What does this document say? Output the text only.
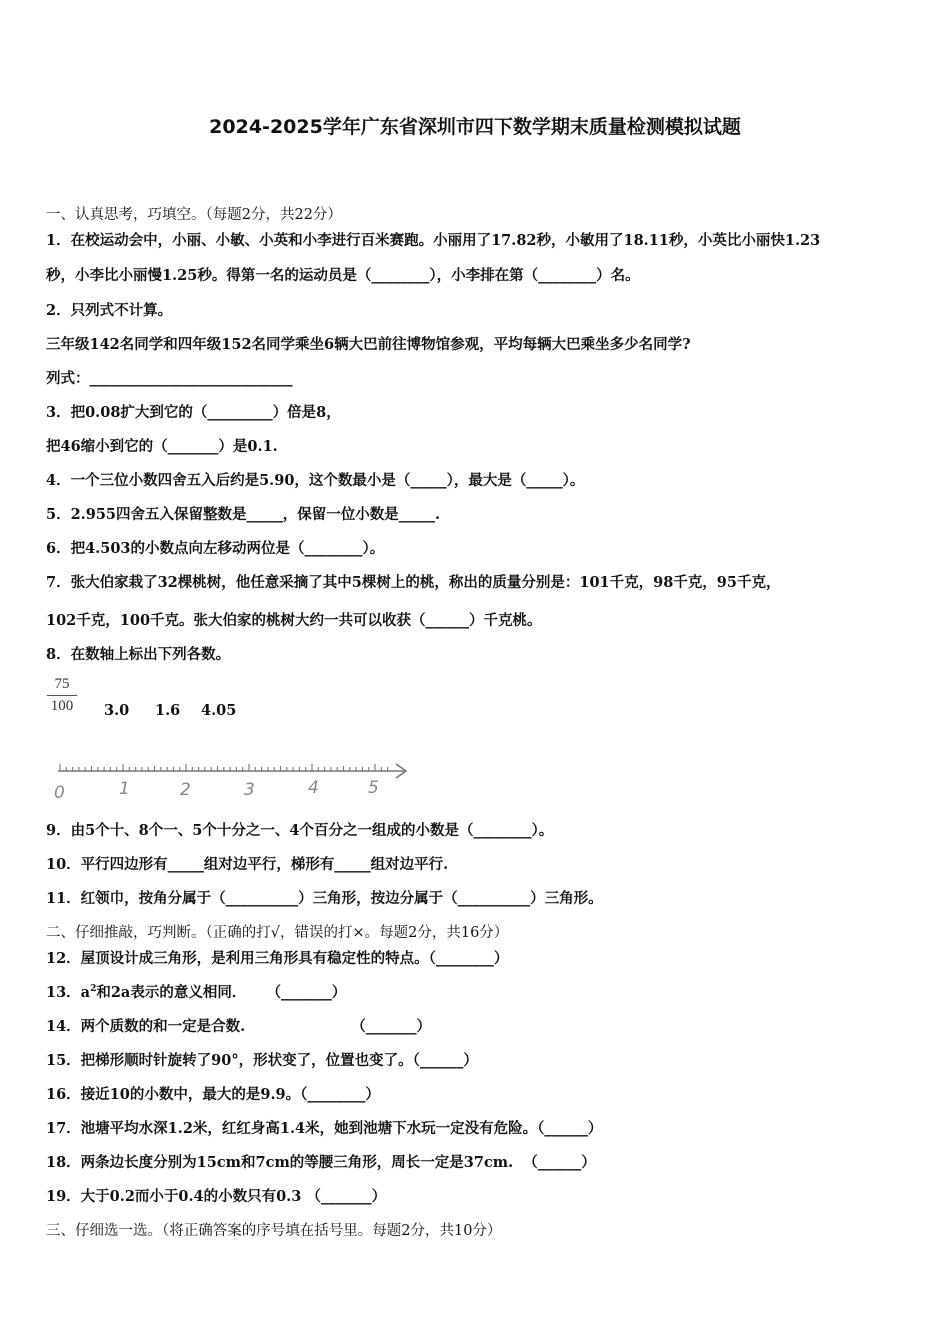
2024-2025学年广东省深圳市四下数学期末质量检测模拟试题
一、认真思考，巧填空。（每题2分，共22分）
1．在校运动会中，小丽、小敏、小英和小李进行百米赛跑。小丽用了17.82秒，小敏用了18.11秒，小英比小丽快1.23
秒，小李比小丽慢1.25秒。得第一名的运动员是（________），小李排在第（________）名。
2．只列式不计算。
三年级142名同学和四年级152名同学乘坐6辆大巴前往博物馆参观，平均每辆大巴乘坐多少名同学?
列式：____________________________
3．把0.08扩大到它的（_________）倍是8，
把46缩小到它的（_______）是0.1.
4．一个三位小数四舍五入后约是5.90，这个数最小是（_____），最大是（_____）。
5．2.955四舍五入保留整数是_____，保留一位小数是_____.
6．把4.503的小数点向左移动两位是（________）。
7．张大伯家栽了32棵桃树，他任意采摘了其中5棵树上的桃，称出的质量分别是：101千克，98千克，95千克，
102千克，100千克。张大伯家的桃树大约一共可以收获（______）千克桃。
8．在数轴上标出下列各数。
75
100	3.0 1.6 4.05
0	1	2	3	4	5
9．由5个十、8个一、5个十分之一、4个百分之一组成的小数是（________）。
10．平行四边形有_____组对边平行，梯形有_____组对边平行.
11．红领巾，按角分属于（__________）三角形，按边分属于（__________）三角形。
二、仔细推敲，巧判断。（正确的打√，错误的打×。每题2分，共16分）
12．屋顶设计成三角形，是利用三角形具有稳定性的特点。（________）
13．$a^2$和2a表示的意义相同．    （_______）
14．两个质数的和一定是合数.                     （_______）
15．把梯形顺时针旋转了90°，形状变了，位置也变了。（______）
16．接近10的小数中，最大的是9.9。（________）
17．池塘平均水深1.2米，红红身高1.4米，她到池塘下水玩一定没有危险。（______）
18．两条边长度分别为15cm和7cm的等腰三角形，周长一定是37cm.  （______）
19．大于0.2而小于0.4的小数只有0.3 （_______）
三、仔细选一选。（将正确答案的序号填在括号里。每题2分，共10分）
